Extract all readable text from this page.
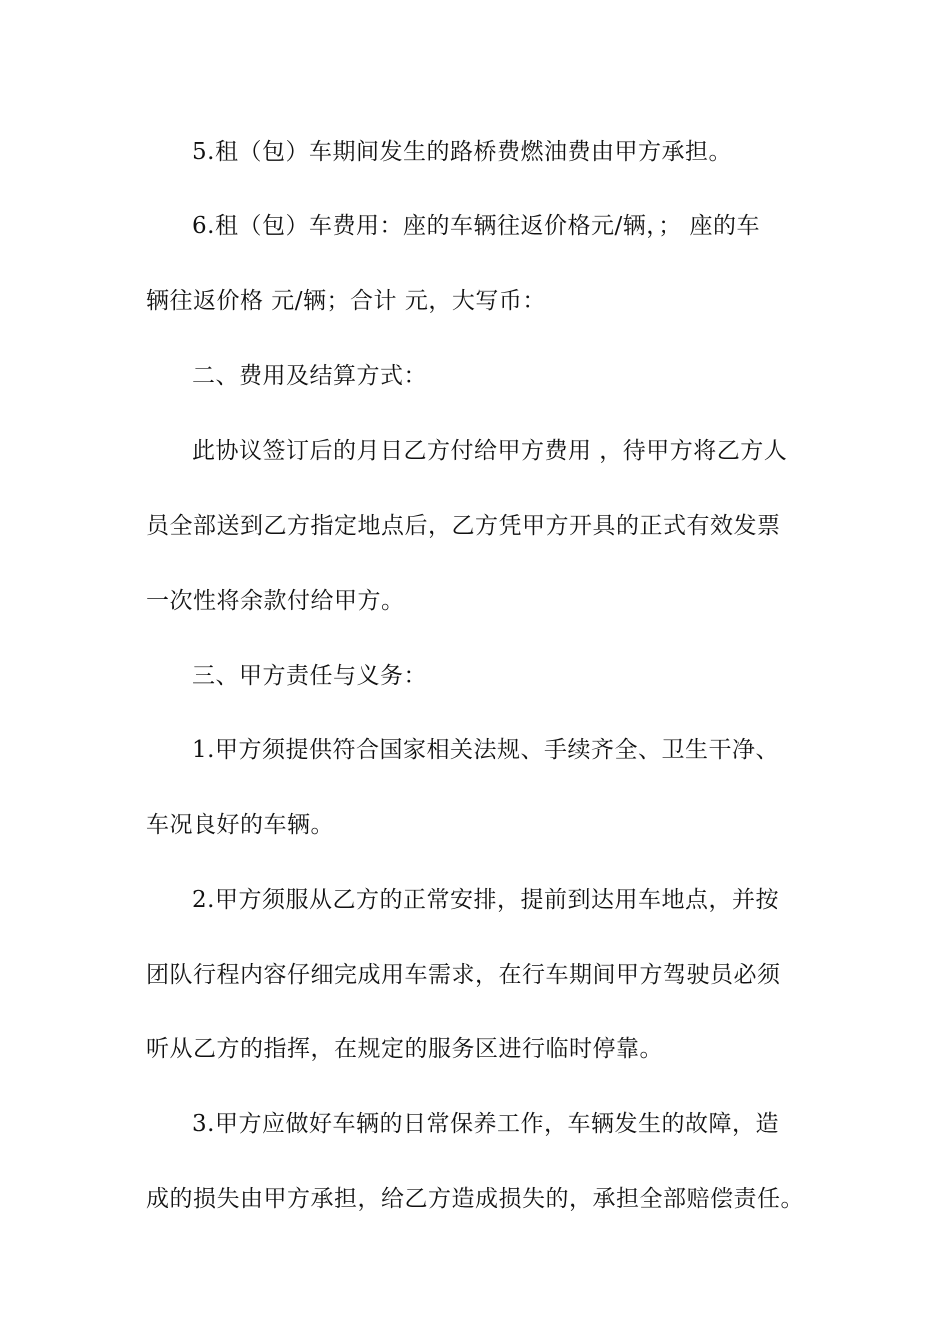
5.租（包）车期间发生的路桥费燃油费由甲方承担。
6.租（包）车费用：座的车辆往返价格元/辆，； 座的车
辆往返价格 元/辆；合计 元，大写币：
二、费用及结算方式：
此协议签订后的月日乙方付给甲方费用 ，待甲方将乙方人
员全部送到乙方指定地点后，乙方凭甲方开具的正式有效发票
一次性将余款付给甲方。
三、甲方责任与义务：
1.甲方须提供符合国家相关法规、手续齐全、卫生干净、
车况良好的车辆。
2.甲方须服从乙方的正常安排，提前到达用车地点，并按
团队行程内容仔细完成用车需求，在行车期间甲方驾驶员必须
听从乙方的指挥，在规定的服务区进行临时停靠。
3.甲方应做好车辆的日常保养工作，车辆发生的故障，造
成的损失由甲方承担，给乙方造成损失的，承担全部赔偿责任。
